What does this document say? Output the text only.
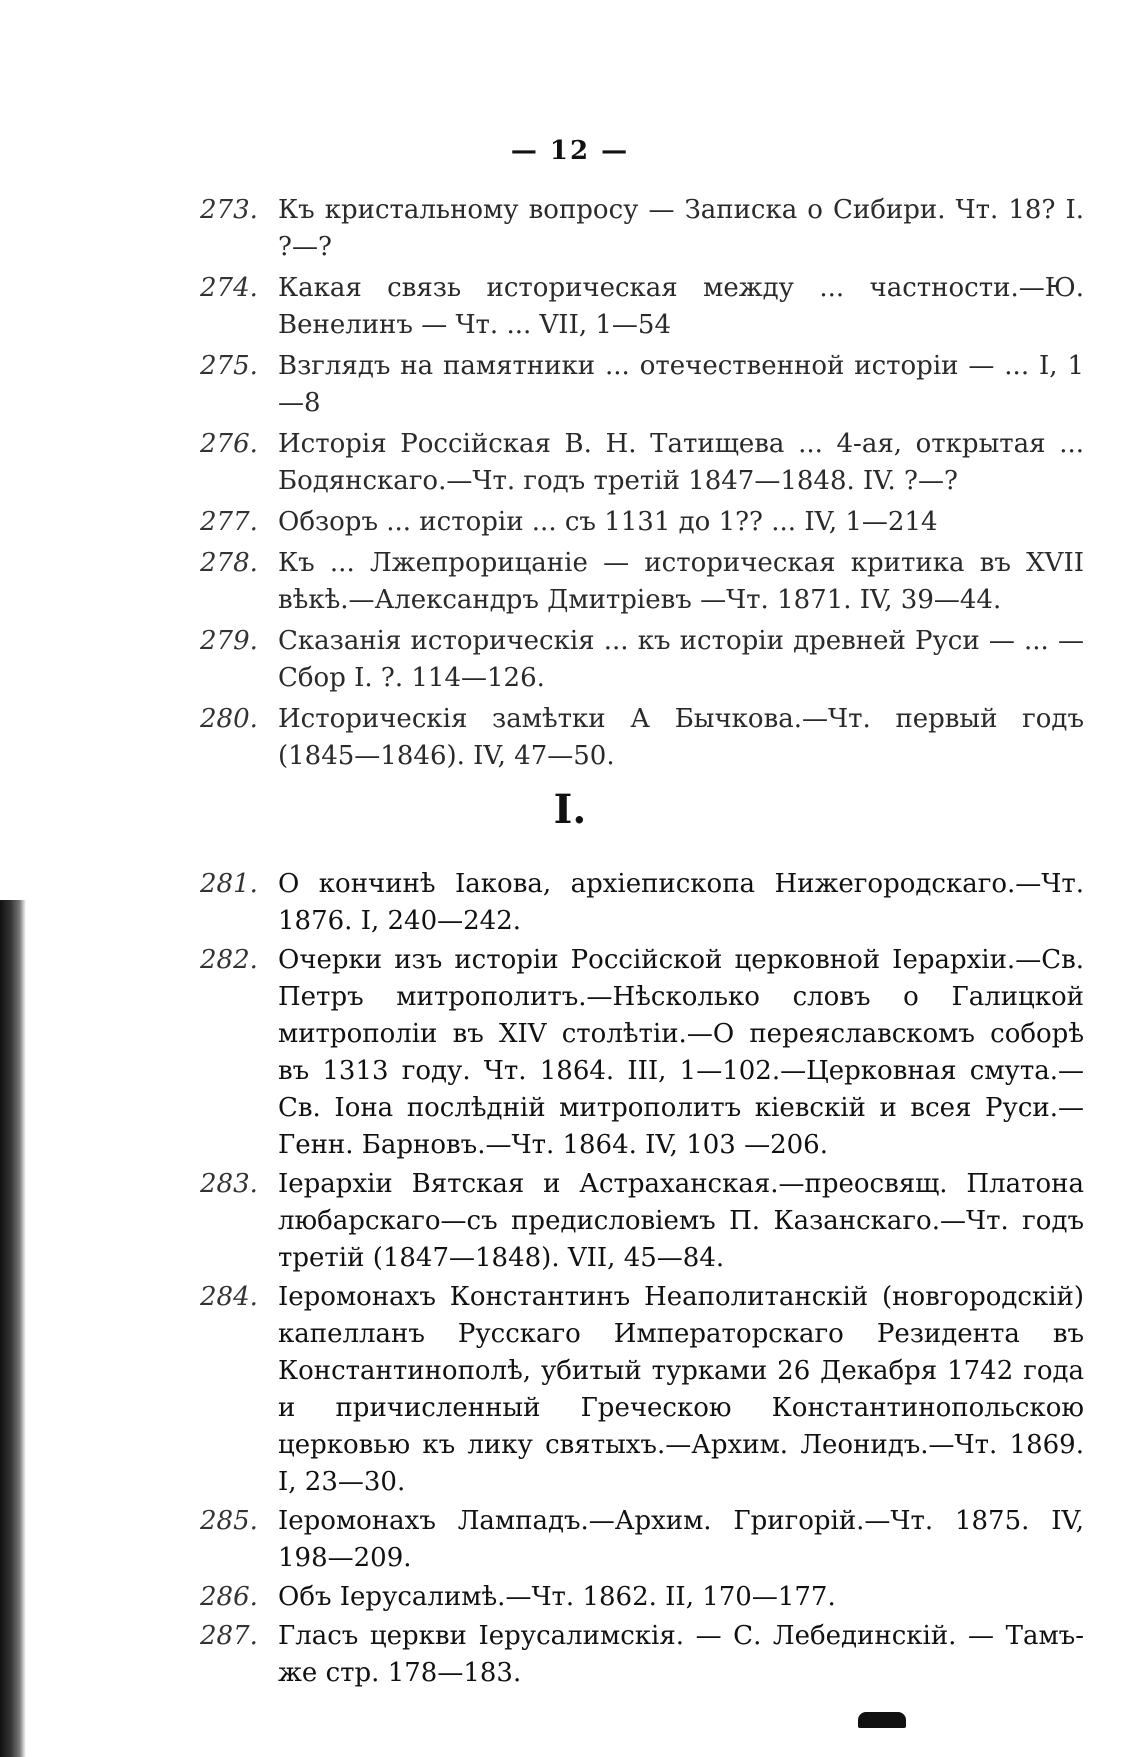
— 12 —
273. Къ кристальному вопросу — Записка о Сибири. Чт. 18? I. ?—?
274. Какая связь историческая между ... частности.—Ю. Венелинъ — Чт. ... VII, 1—54
275. Взглядъ на памятники ... отечественной исторіи — ... I, 1—8
276. Исторія Россійская В. Н. Татищева ... 4-ая, открытая ... Бодянскаго.—Чт. годъ третій 1847—1848. IV. ?—?
277. Обзоръ ... исторіи ... съ 1131 до 1?? ... IV, 1—214
278. Къ ... Лжепрорицаніе — историческая критика въ XVII вѣкѣ.—Александръ Дмитріевъ —Чт. 1871. IV, 39—44.
279. Сказанія историческія ... къ исторіи древней Руси — ... — Сбор I. ?. 114—126.
280. Историческія замѣтки А Бычкова.—Чт. первый годъ (1845—1846). IV, 47—50.
I.
281. О кончинѣ Іакова, архіепископа Нижегородскаго.—Чт. 1876. I, 240—242.
282. Очерки изъ исторіи Россійской церковной Іерархіи.—Св. Петръ митрополитъ.—Нѣсколько словъ о Галицкой митрополіи въ XIV столѣтіи.—О переяславскомъ соборѣ въ 1313 году. Чт. 1864. III, 1—102.—Церковная смута.—Св. Іона послѣдній митрополитъ кіевскій и всея Руси.—Генн. Барновъ.—Чт. 1864. IV, 103 —206.
283. Іерархіи Вятская и Астраханская.—преосвящ. Платона любарскаго—съ предисловіемъ П. Казанскаго.—Чт. годъ третій (1847—1848). VII, 45—84.
284. Іеромонахъ Константинъ Неаполитанскій (новгородскій) капелланъ Русскаго Императорскаго Резидента въ Константинополѣ, убитый турками 26 Декабря 1742 года и причисленный Греческою Константинопольскою церковью къ лику святыхъ.—Архим. Леонидъ.—Чт. 1869. I, 23—30.
285. Іеромонахъ Лампадъ.—Архим. Григорій.—Чт. 1875. IV, 198—209.
286. Объ Іерусалимѣ.—Чт. 1862. II, 170—177.
287. Гласъ церкви Іерусалимскія. — С. Лебединскій. — Тамъ-же стр. 178—183.
